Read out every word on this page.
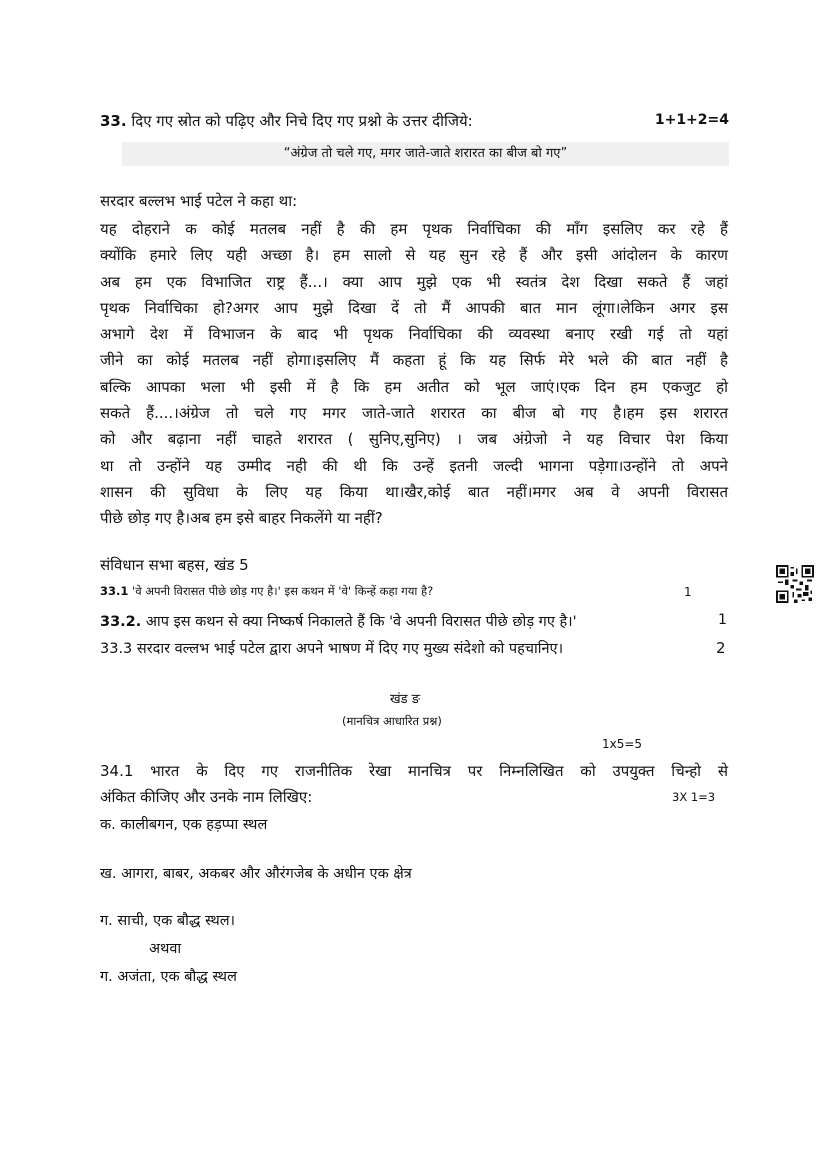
33. दिए गए स्रोत को पढ़िए और निचे दिए गए प्रश्नो के उत्तर दीजिये:	1+1+2=4
“अंग्रेज तो चले गए, मगर जाते-जाते शरारत का बीज बो गए”
सरदार बल्लभ भाई पटेल ने कहा था:
यह दोहराने क कोई मतलब नहीं है की हम पृथक निर्वाचिका की माँग इसलिए कर रहे हैं
क्योंकि हमारे लिए यही अच्छा है। हम सालो से यह सुन रहे हैं और इसी आंदोलन के कारण
अब हम एक विभाजित राष्ट्र हैं...। क्या आप मुझे एक भी स्वतंत्र देश दिखा सकते हैं जहां
पृथक निर्वाचिका हो?अगर आप मुझे दिखा दें तो मैं आपकी बात मान लूंगा।लेकिन अगर इस
अभागे देश में विभाजन के बाद भी पृथक निर्वाचिका की व्यवस्था बनाए रखी गई तो यहां
जीने का कोई मतलब नहीं होगा।इसलिए मैं कहता हूं कि यह सिर्फ मेरे भले की बात नहीं है
बल्कि आपका भला भी इसी में है कि हम अतीत को भूल जाएं।एक दिन हम एकजुट हो
सकते हैं....।अंग्रेज तो चले गए मगर जाते-जाते शरारत का बीज बो गए है।हम इस शरारत
को और बढ़ाना नहीं चाहते शरारत ( सुनिए,सुनिए) । जब अंग्रेजो ने यह विचार पेश किया
था तो उन्होंने यह उम्मीद नही की थी कि उन्हें इतनी जल्दी भागना पड़ेगा।उन्होंने तो अपने
शासन की सुविधा के लिए यह किया था।खैर,कोई बात नहीं।मगर अब वे अपनी विरासत
पीछे छोड़ गए है।अब हम इसे बाहर निकलेंगे या नहीं?
संविधान सभा बहस, खंड 5
33.1 'वे अपनी विरासत पीछे छोड़ गए है।' इस कथन में 'वे' किन्हें कहा गया है?	1
33.2. आप इस कथन से क्या निष्कर्ष निकालते हैं कि 'वे अपनी विरासत पीछे छोड़ गए है।'	1
33.3 सरदार वल्लभ भाई पटेल द्वारा अपने भाषण में दिए गए मुख्य संदेशो को पहचानिए।	2
खंड ङ
(मानचित्र आधारित प्रश्न)
1x5=5
34.1 भारत के दिए गए राजनीतिक रेखा मानचित्र पर निम्नलिखित को उपयुक्त चिन्हो से
अंकित कीजिए और उनके नाम लिखिए:	3X 1=3
क. कालीबगन, एक हड़प्पा स्थल
ख. आगरा, बाबर, अकबर और औरंगजेब के अधीन एक क्षेत्र
ग. साची, एक बौद्ध स्थल।
अथवा
ग. अजंता, एक बौद्ध स्थल
